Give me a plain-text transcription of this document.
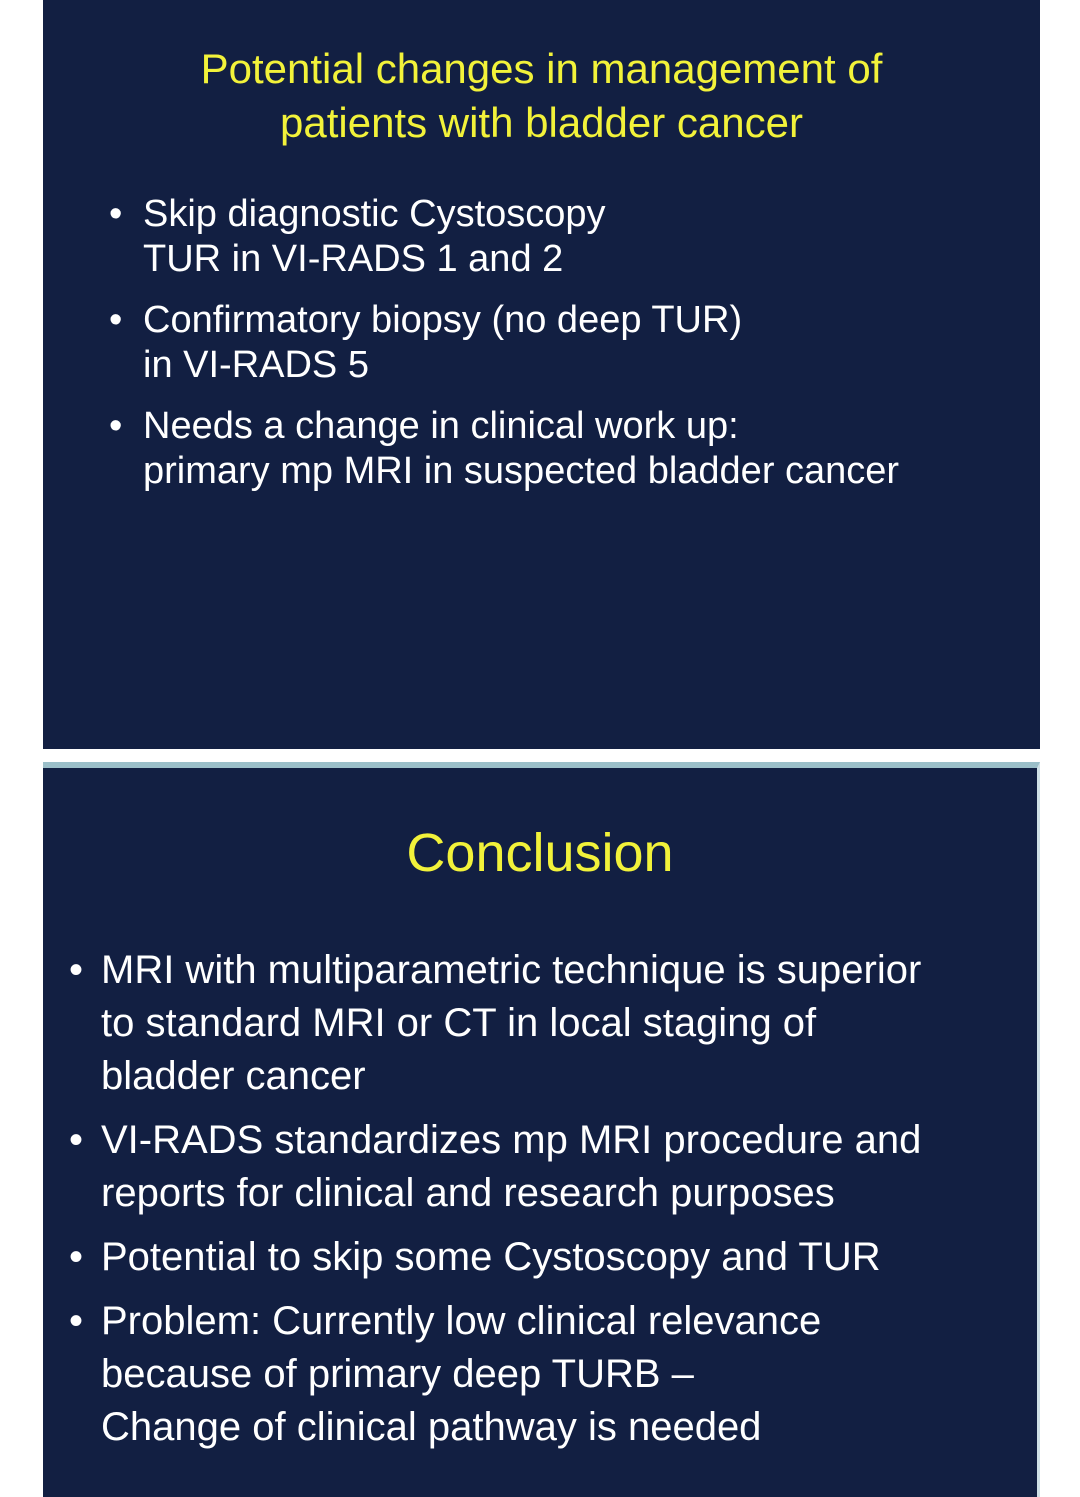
Potential changes in management of
patients with bladder cancer
• Skip diagnostic Cystoscopy
TUR in VI-RADS 1 and 2
• Confirmatory biopsy (no deep TUR)
in VI-RADS 5
• Needs a change in clinical work up:
primary mp MRI in suspected bladder cancer
Conclusion
• MRI with multiparametric technique is superior
to standard MRI or CT in local staging of
bladder cancer
• VI-RADS standardizes mp MRI procedure and
reports for clinical and research purposes
• Potential to skip some Cystoscopy and TUR
• Problem: Currently low clinical relevance
because of primary deep TURB –
Change of clinical pathway is needed
